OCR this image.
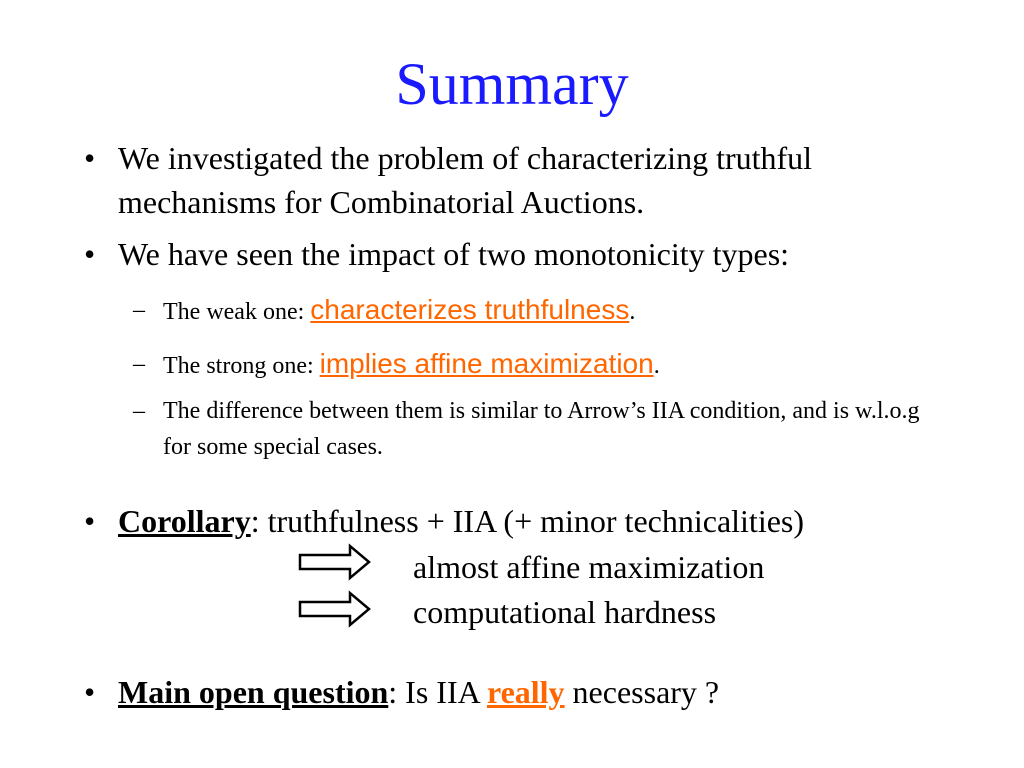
Summary

• We investigated the problem of characterizing truthful mechanisms for Combinatorial Auctions.

• We have seen the impact of two monotonicity types:

– The weak one: characterizes truthfulness.

– The strong one: implies affine maximization.

– The difference between them is similar to Arrow’s IIA condition, and is w.l.o.g for some special cases.

• Corollary: truthfulness + IIA (+ minor technicalities)

almost affine maximization
computational hardness

• Main open question: Is IIA really necessary ?
